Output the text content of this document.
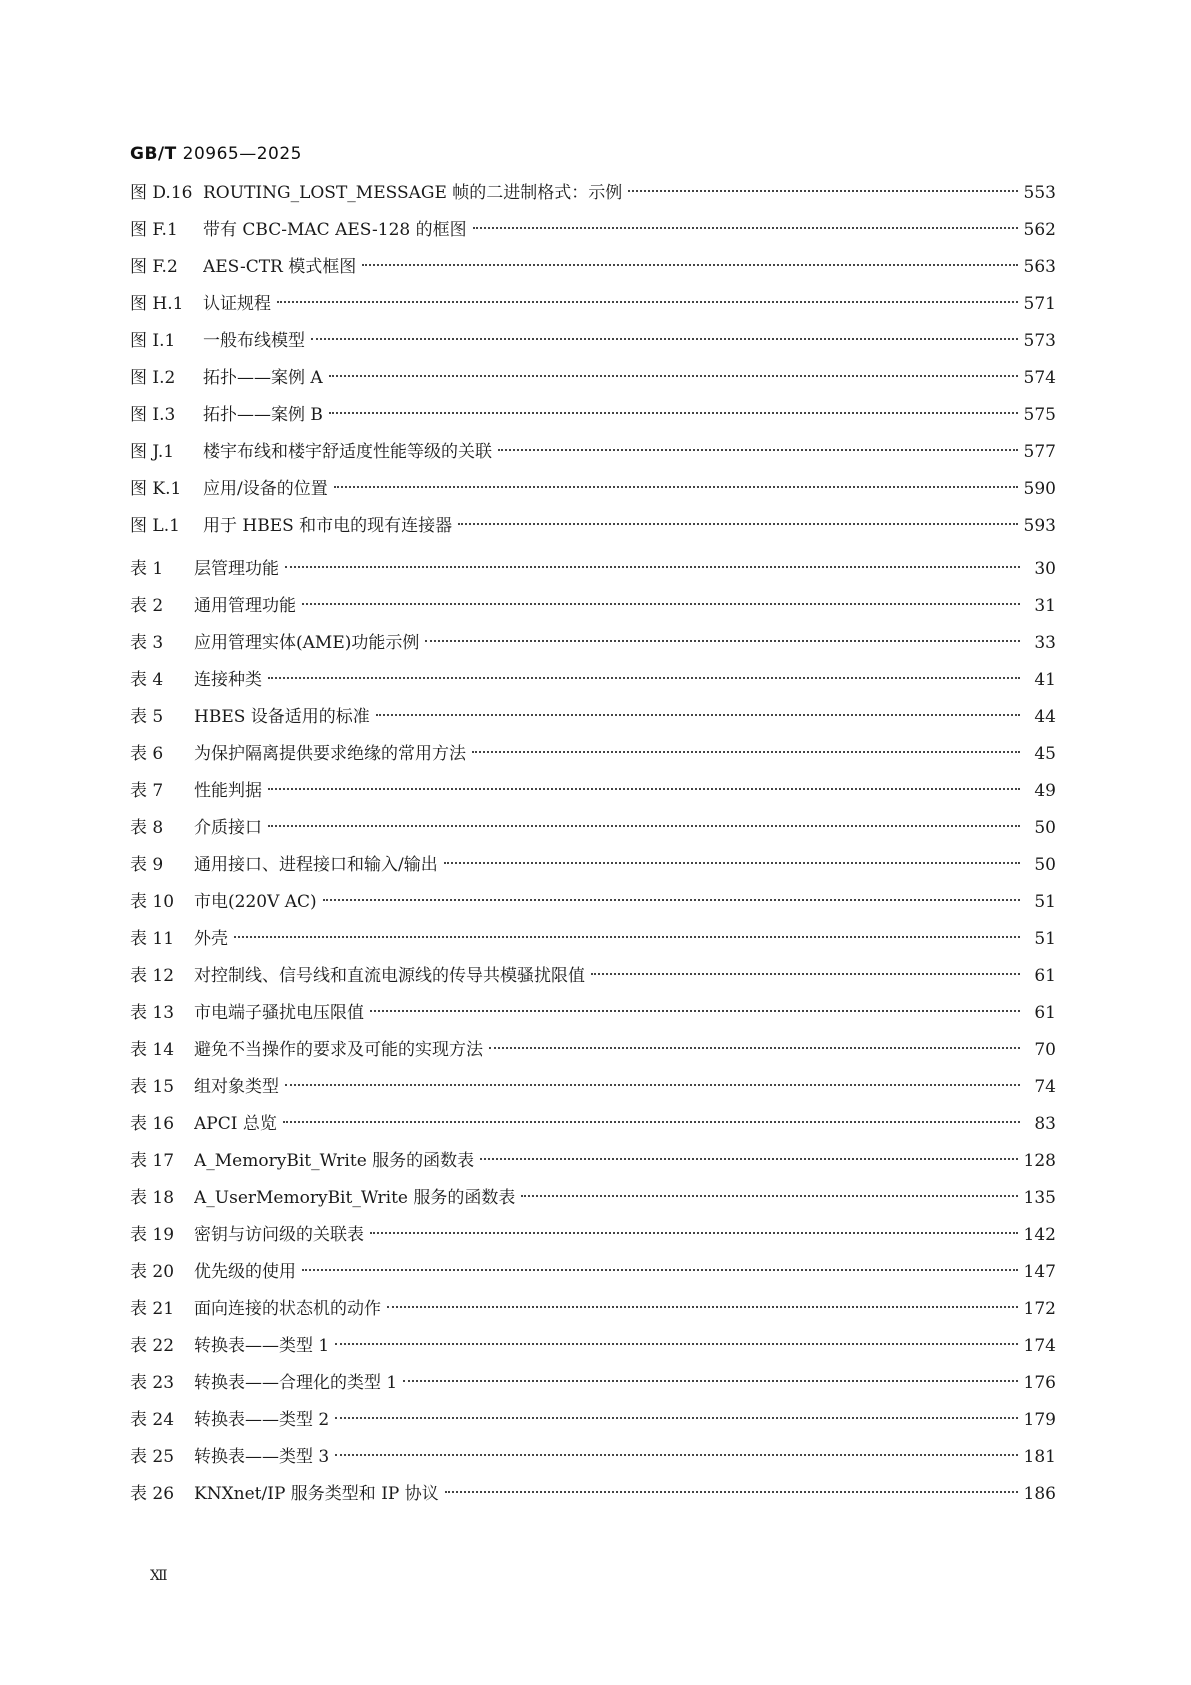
GB/T 20965—2025
图 D.16 ROUTING_LOST_MESSAGE 帧的二进制格式：示例	553
图 F.1	带有 CBC-MAC AES-128 的框图	562
图 F.2	AES-CTR 模式框图	563
图 H.1	认证规程	571
图 I.1	一般布线模型	573
图 I.2	拓扑——案例 A	574
图 I.3	拓扑——案例 B	575
图 J.1	楼宇布线和楼宇舒适度性能等级的关联	577
图 K.1	应用/设备的位置	590
图 L.1	用于 HBES 和市电的现有连接器	593
表 1	层管理功能	30
表 2	通用管理功能	31
表 3	应用管理实体(AME)功能示例	33
表 4	连接种类	41
表 5	HBES 设备适用的标准	44
表 6	为保护隔离提供要求绝缘的常用方法	45
表 7	性能判据	49
表 8	介质接口	50
表 9	通用接口、进程接口和输入/输出	50
表 10	市电(220V AC)	51
表 11	外壳	51
表 12	对控制线、信号线和直流电源线的传导共模骚扰限值	61
表 13	市电端子骚扰电压限值	61
表 14	避免不当操作的要求及可能的实现方法	70
表 15	组对象类型	74
表 16	APCI 总览	83
表 17	A_MemoryBit_Write 服务的函数表	128
表 18	A_UserMemoryBit_Write 服务的函数表	135
表 19	密钥与访问级的关联表	142
表 20	优先级的使用	147
表 21	面向连接的状态机的动作	172
表 22	转换表——类型 1	174
表 23	转换表——合理化的类型 1	176
表 24	转换表——类型 2	179
表 25	转换表——类型 3	181
表 26	KNXnet/IP 服务类型和 IP 协议	186
Ⅻ
